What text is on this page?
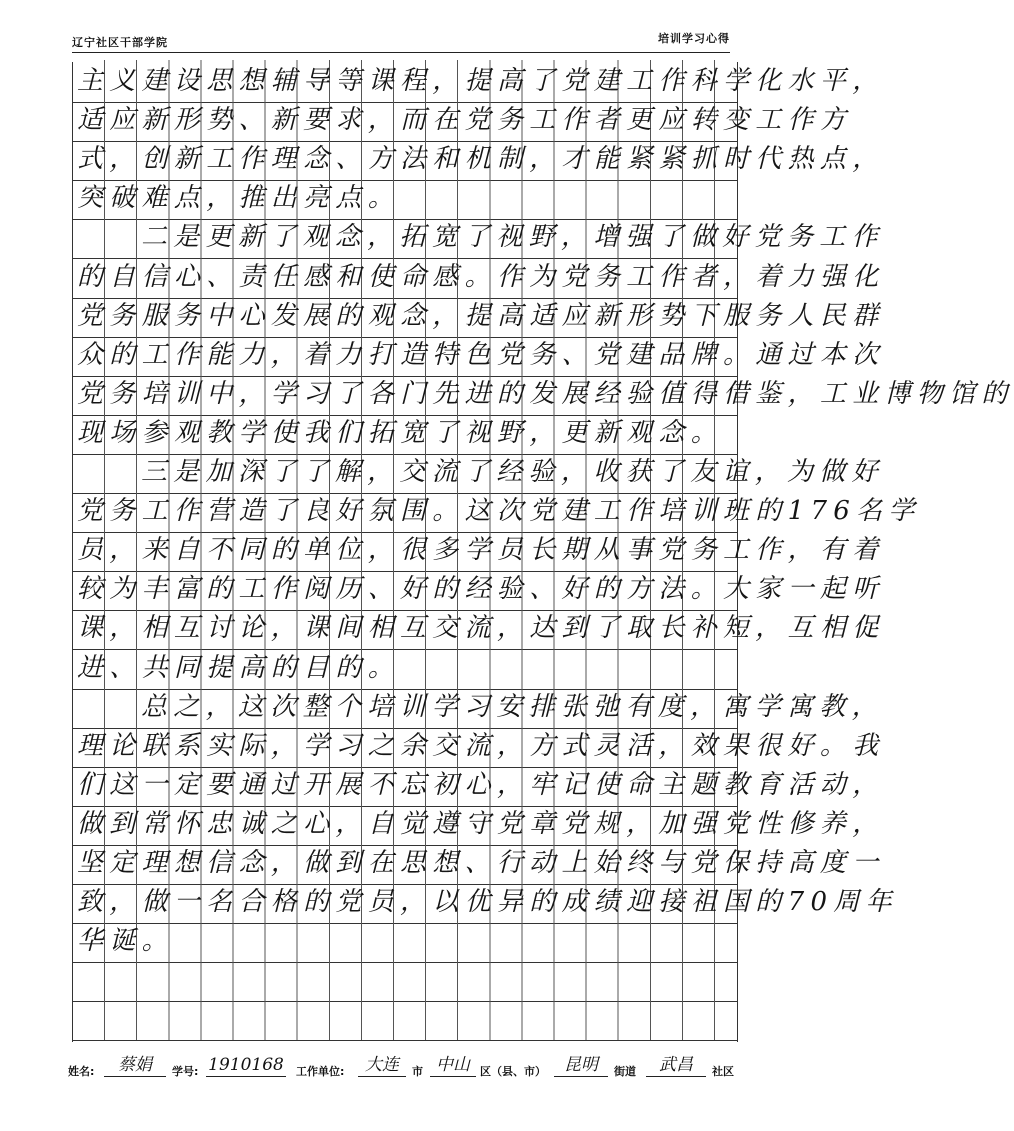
辽宁社区干部学院	培训学习心得
主义建设思想辅导等课程，提高了党建工作科学化水平，
适应新形势、新要求，而在党务工作者更应转变工作方
式，创新工作理念、方法和机制，才能紧紧抓时代热点，
突破难点，推出亮点。
二是更新了观念，拓宽了视野，增强了做好党务工作
的自信心、责任感和使命感。作为党务工作者，着力强化
党务服务中心发展的观念，提高适应新形势下服务人民群
众的工作能力，着力打造特色党务、党建品牌。通过本次
党务培训中，学习了各门先进的发展经验值得借鉴，工业博物馆的
现场参观教学使我们拓宽了视野，更新观念。
三是加深了了解，交流了经验，收获了友谊，为做好
党务工作营造了良好氛围。这次党建工作培训班的176名学
员，来自不同的单位，很多学员长期从事党务工作，有着
较为丰富的工作阅历、好的经验、好的方法。大家一起听
课，相互讨论，课间相互交流，达到了取长补短，互相促
进、共同提高的目的。
总之，这次整个培训学习安排张弛有度，寓学寓教，
理论联系实际，学习之余交流，方式灵活，效果很好。我
们这一定要通过开展不忘初心，牢记使命主题教育活动，
做到常怀忠诚之心，自觉遵守党章党规，加强党性修养，
坚定理想信念，做到在思想、行动上始终与党保持高度一
致，做一名合格的党员，以优异的成绩迎接祖国的70周年
华诞。
姓名:	蔡娟	学号: 1910168 工作单位:	大连	市 中山 区（县、市）	昆明	街道	武昌	社区
